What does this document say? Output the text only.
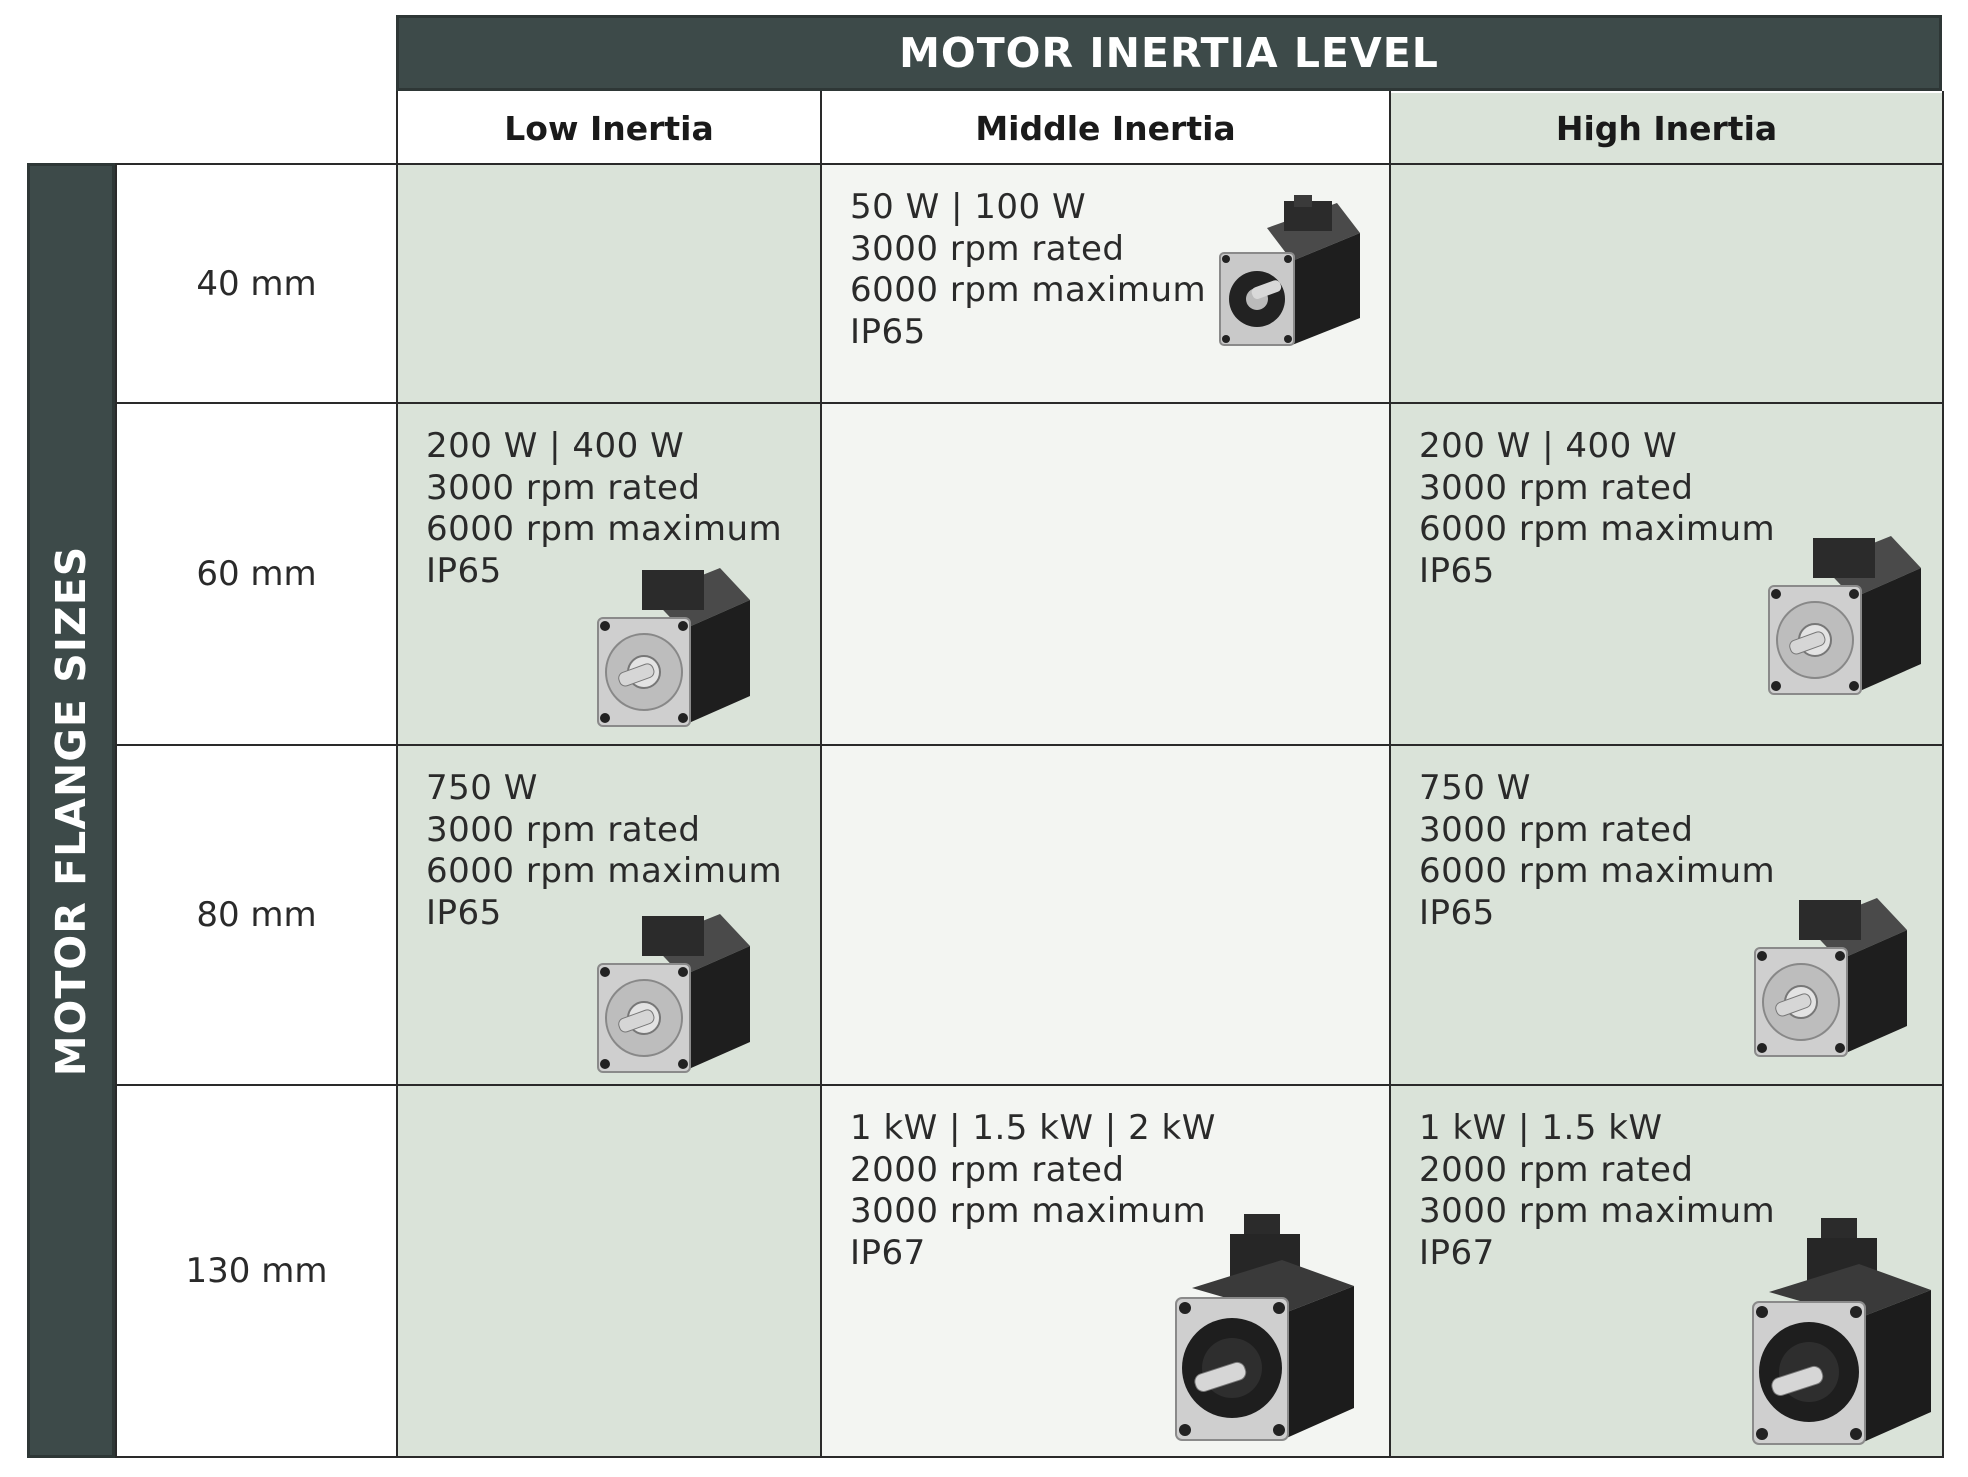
MOTOR INERTIA LEVEL
MOTOR FLANGE SIZES
Low Inertia	Middle Inertia	High Inertia
40 mm
60 mm
80 mm
130 mm
50 W | 100 W
3000 rpm rated
6000 rpm maximum
IP65
200 W | 400 W
3000 rpm rated
6000 rpm maximum
IP65
200 W | 400 W
3000 rpm rated
6000 rpm maximum
IP65
750 W
3000 rpm rated
6000 rpm maximum
IP65
750 W
3000 rpm rated
6000 rpm maximum
IP65
1 kW | 1.5 kW | 2 kW
2000 rpm rated
3000 rpm maximum
IP67
1 kW | 1.5 kW
2000 rpm rated
3000 rpm maximum
IP67
